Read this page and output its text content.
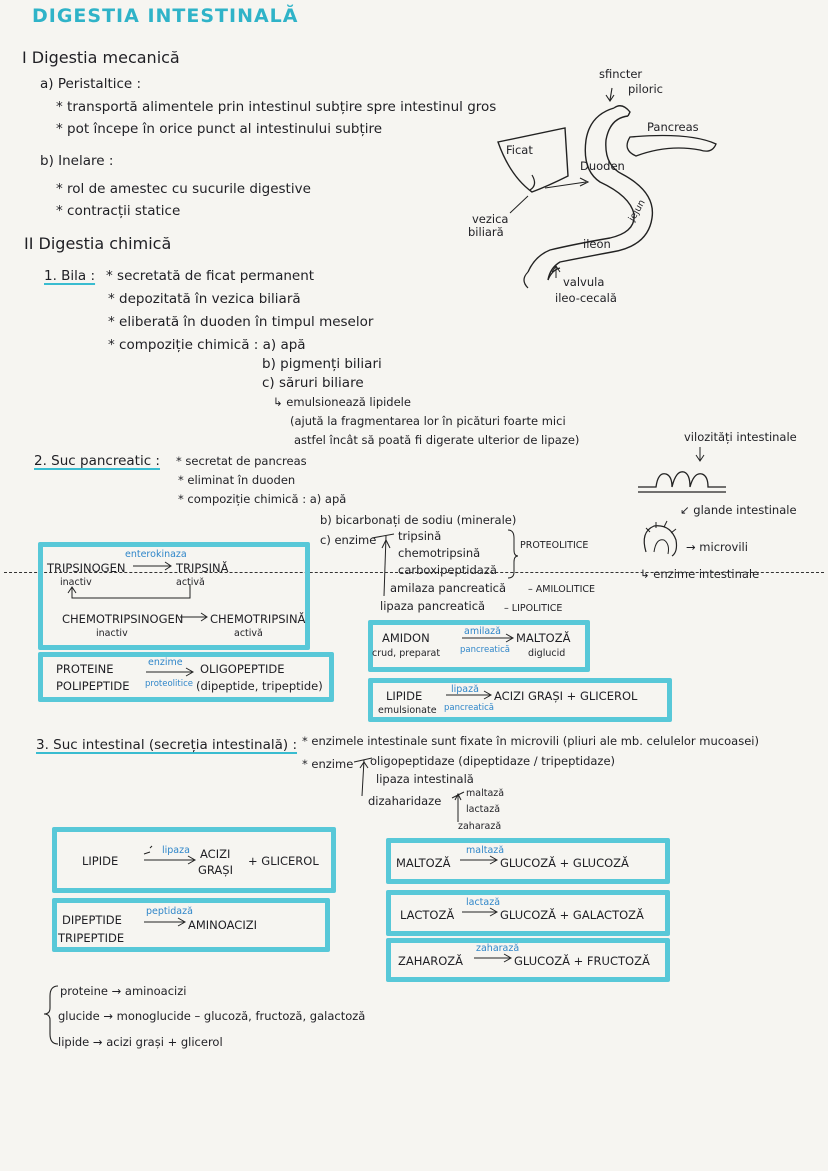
DIGESTIA INTESTINALĂ
I Digestia mecanică
a) Peristaltice :
* transportă alimentele prin intestinul subțire spre intestinul gros
* pot începe în orice punct al intestinului subțire
b) Inelare :
* rol de amestec cu sucurile digestive
* contracții statice
sfincter
piloric
Pancreas
Ficat
Duoden
jejun
vezica
biliară
ileon
valvula
ileo-cecală
II Digestia chimică
1. Bila : * secretată de ficat permanent
* depozitată în vezica biliară
* eliberată în duoden în timpul meselor
* compoziție chimică : a) apă
b) pigmenți biliari
c) săruri biliare
↳ emulsionează lipidele
(ajută la fragmentarea lor în picături foarte mici
astfel încât să poată fi digerate ulterior de lipaze)
2. Suc pancreatic : * secretat de pancreas
* eliminat în duoden
* compoziție chimică : a) apă
b) bicarbonați de sodiu (minerale)
c) enzime tripsină
chemotripsină
carboxipeptidază
PROTEOLITICE
amilaza pancreatică – AMILOLITICE
lipaza pancreatică – LIPOLITICE
vilozități intestinale
↙ glande intestinale
→ microvili
↳ enzime intestinale
TRIPSINOGEN
inactiv
enterokinaza
TRIPSINĂ
activă
CHEMOTRIPSINOGEN
inactiv
CHEMOTRIPSINĂ
activă
PROTEINE
POLIPEPTIDE
enzime
proteolitice
OLIGOPEPTIDE
(dipeptide, tripeptide)
AMIDON
crud, preparat
amilază
pancreatică
MALTOZĂ
diglucid
LIPIDE
emulsionate
lipază
pancreatică
ACIZI GRAȘI + GLICEROL
3. Suc intestinal (secreția intestinală) : * enzimele intestinale sunt fixate în microvili (pliuri ale mb. celulelor mucoasei)
* enzime oligopeptidaze (dipeptidaze / tripeptidaze)
lipaza intestinală
dizaharidaze
maltază
lactază
zaharază
LIPIDE
lipaza ACIZI
GRAȘI
+ GLICEROL
DIPEPTIDE
TRIPEPTIDE
peptidază
AMINOACIZI
MALTOZĂ
maltază
GLUCOZĂ + GLUCOZĂ
LACTOZĂ
lactază
GLUCOZĂ + GALACTOZĂ
ZAHAROZĂ
zaharază
GLUCOZĂ + FRUCTOZĂ
proteine → aminoacizi
glucide → monoglucide – glucoză, fructoză, galactoză
lipide → acizi grași + glicerol
